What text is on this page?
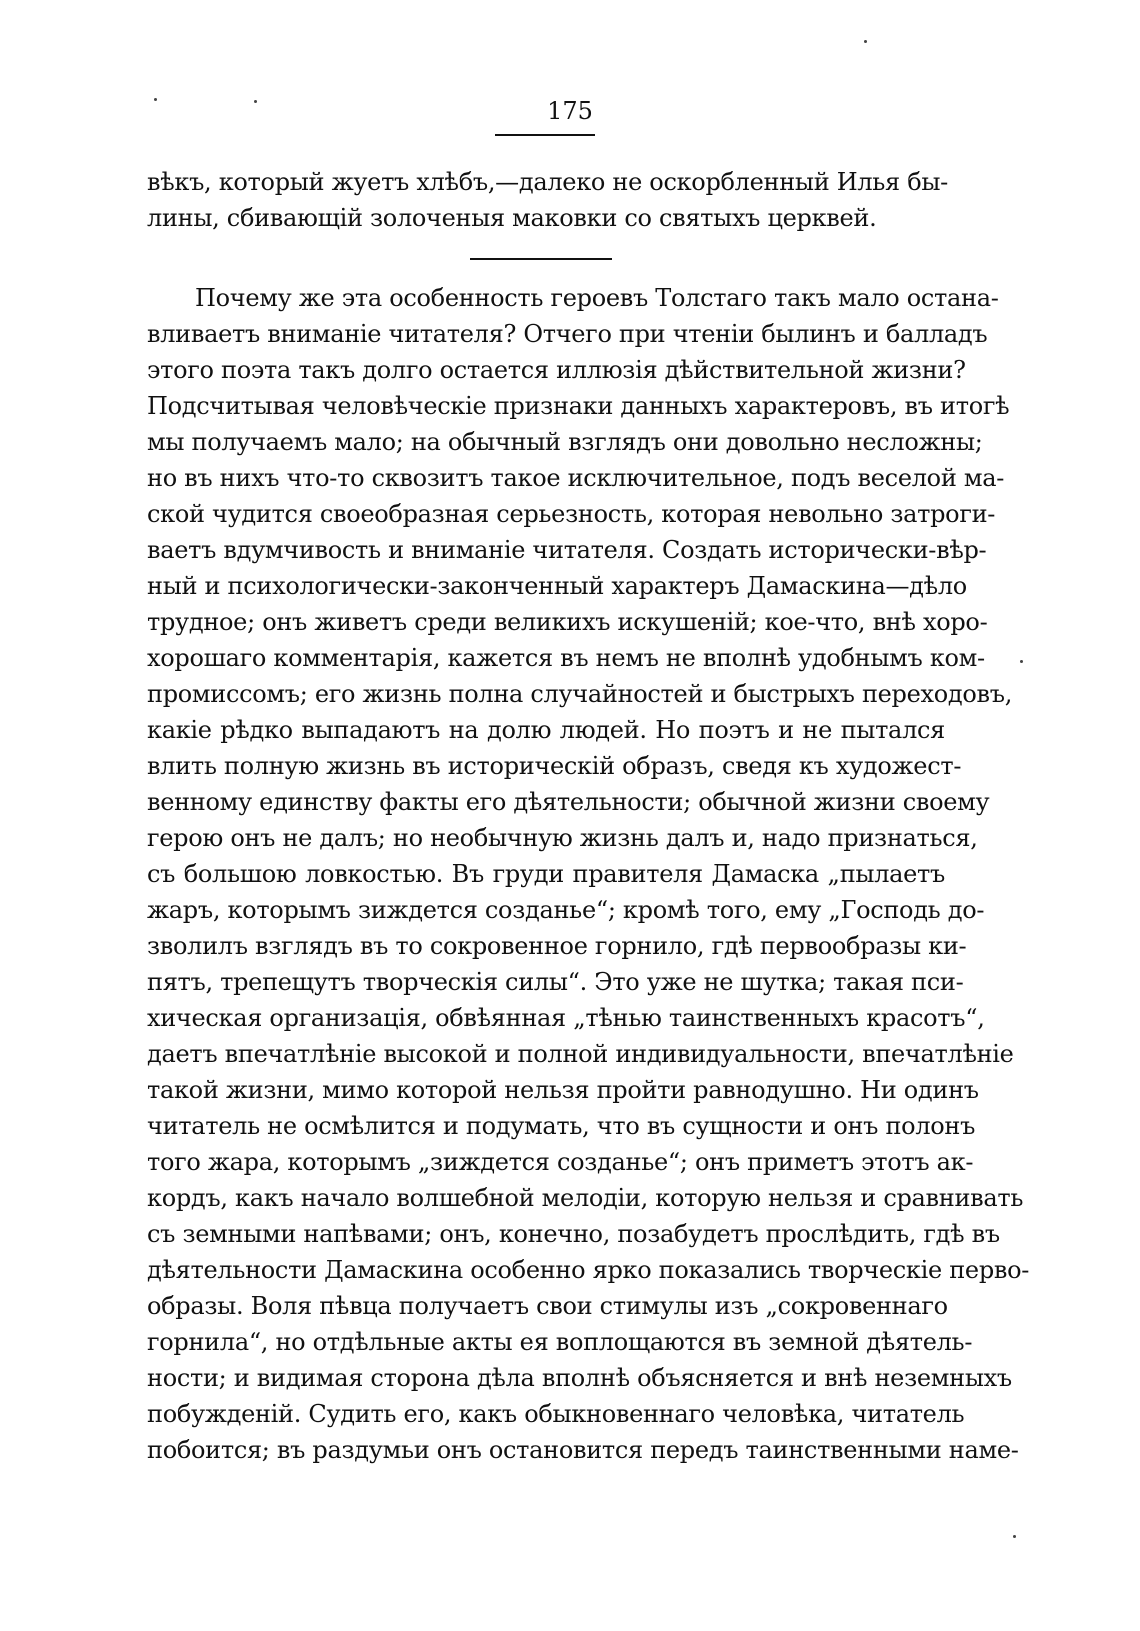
175
вѣкъ, который жуетъ хлѣбъ,—далеко не оскорбленный Илья бы-
лины, сбивающій золоченыя маковки со святыхъ церквей.
Почему же эта особенность героевъ Толстаго такъ мало остана-
вливаетъ вниманіе читателя? Отчего при чтеніи былинъ и балладъ
этого поэта такъ долго остается иллюзія дѣйствительной жизни?
Подсчитывая человѣческіе признаки данныхъ характеровъ, въ итогѣ
мы получаемъ мало; на обычный взглядъ они довольно несложны;
но въ нихъ что-то сквозитъ такое исключительное, подъ веселой ма-
ской чудится своеобразная серьезность, которая невольно затроги-
ваетъ вдумчивость и вниманіе читателя. Создать исторически-вѣр-
ный и психологически-законченный характеръ Дамаскина—дѣло
трудное; онъ живетъ среди великихъ искушеній; кое-что, внѣ хоро-
хорошаго комментарія, кажется въ немъ не вполнѣ удобнымъ ком-
промиссомъ; его жизнь полна случайностей и быстрыхъ переходовъ,
какіе рѣдко выпадаютъ на долю людей. Но поэтъ и не пытался
влить полную жизнь въ историческій образъ, сведя къ художест-
венному единству факты его дѣятельности; обычной жизни своему
герою онъ не далъ; но необычную жизнь далъ и, надо признаться,
съ большою ловкостью. Въ груди правителя Дамаска „пылаетъ
жаръ, которымъ зиждется созданье“; кромѣ того, ему „Господь до-
зволилъ взглядъ въ то сокровенное горнило, гдѣ первообразы ки-
пятъ, трепещутъ творческія силы“. Это уже не шутка; такая пси-
хическая организація, обвѣянная „тѣнью таинственныхъ красотъ“,
даетъ впечатлѣніе высокой и полной индивидуальности, впечатлѣніе
такой жизни, мимо которой нельзя пройти равнодушно. Ни одинъ
читатель не осмѣлится и подумать, что въ сущности и онъ полонъ
того жара, которымъ „зиждется созданье“; онъ приметъ этотъ ак-
кордъ, какъ начало волшебной мелодіи, которую нельзя и сравнивать
съ земными напѣвами; онъ, конечно, позабудетъ прослѣдить, гдѣ въ
дѣятельности Дамаскина особенно ярко показались творческіе перво-
образы. Воля пѣвца получаетъ свои стимулы изъ „сокровеннаго
горнила“, но отдѣльные акты ея воплощаются въ земной дѣятель-
ности; и видимая сторона дѣла вполнѣ объясняется и внѣ неземныхъ
побужденій. Судить его, какъ обыкновеннаго человѣка, читатель
побоится; въ раздумьи онъ остановится передъ таинственными наме-
